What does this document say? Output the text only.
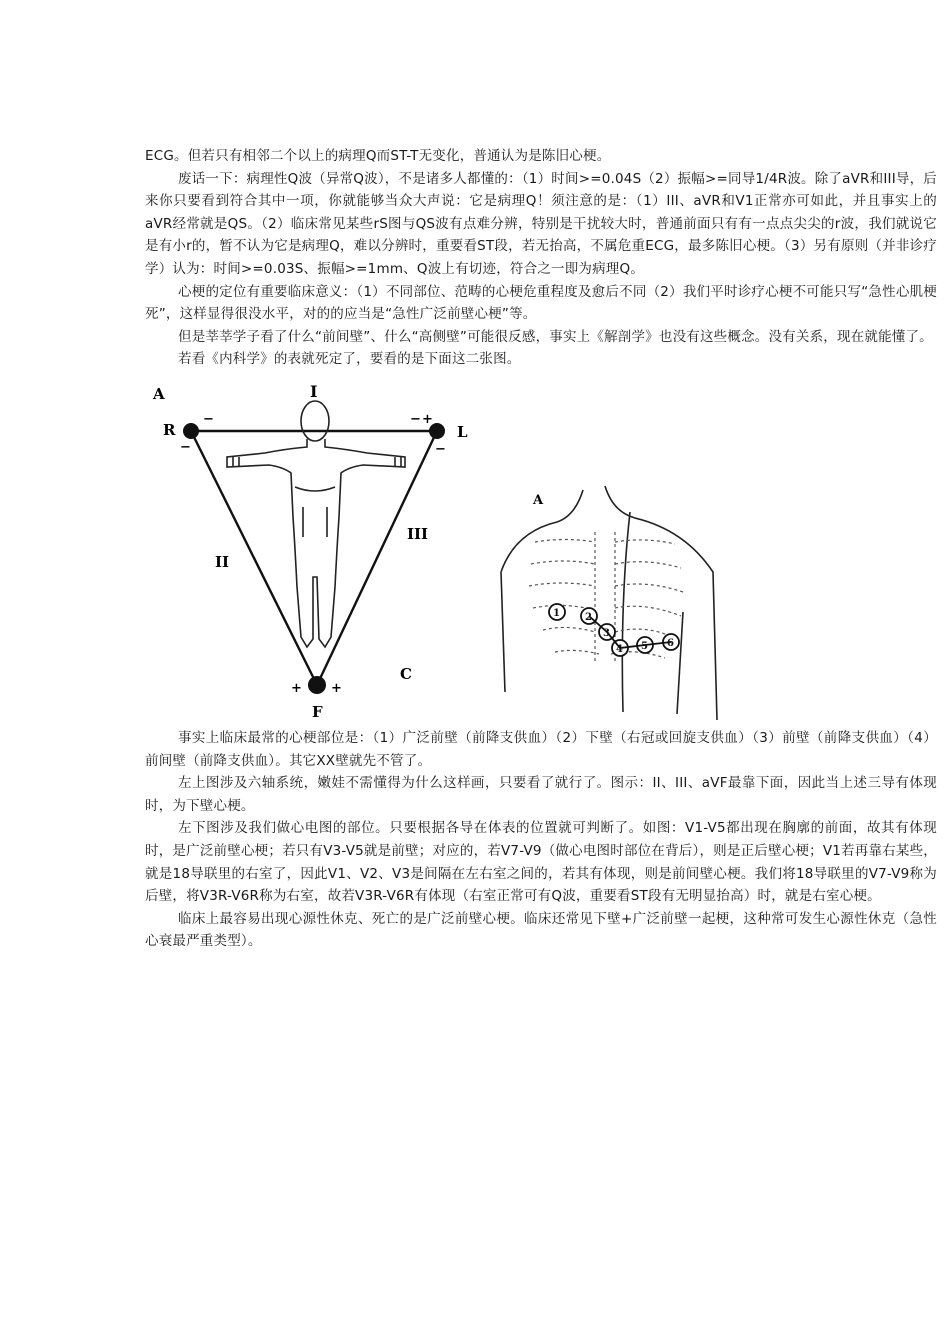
ECG。但若只有相邻二个以上的病理Q而ST-T无变化，普通认为是陈旧心梗。

废话一下：病理性Q波（异常Q波），不是诸多人都懂的：（1）时间>=0.04S（2）振幅>=同导1/4R波。除了aVR和III导，后来你只要看到符合其中一项，你就能够当众大声说：它是病理Q！须注意的是：（1）III、aVR和V1正常亦可如此，并且事实上的aVR经常就是QS。（2）临床常见某些rS图与QS波有点难分辨，特别是干扰较大时，普通前面只有有一点点尖尖的r波，我们就说它是有小r的，暂不认为它是病理Q，难以分辨时，重要看ST段，若无抬高，不属危重ECG，最多陈旧心梗。（3）另有原则（并非诊疗学）认为：时间>=0.03S、振幅>=1mm、Q波上有切迹，符合之一即为病理Q。

心梗的定位有重要临床意义：（1）不同部位、范畴的心梗危重程度及愈后不同（2）我们平时诊疗心梗不可能只写“急性心肌梗死”，这样显得很没水平，对的的应当是“急性广泛前壁心梗”等。

但是莘莘学子看了什么“前间壁”、什么“高侧壁”可能很反感，事实上《解剖学》也没有这些概念。没有关系，现在就能懂了。

若看《内科学》的表就死定了，要看的是下面这二张图。

A
R	L
I
II
III
C
F
−	− +
−	−
+ +
A
1	2
3
4 5 6

事实上临床最常的心梗部位是：（1）广泛前壁（前降支供血）（2）下壁（右冠或回旋支供血）（3）前壁（前降支供血）（4）前间壁（前降支供血）。其它XX壁就先不管了。

左上图涉及六轴系统，嫩娃不需懂得为什么这样画，只要看了就行了。图示：II、III、aVF最靠下面，因此当上述三导有体现时，为下壁心梗。

左下图涉及我们做心电图的部位。只要根据各导在体表的位置就可判断了。如图：V1-V5都出现在胸廓的前面，故其有体现时，是广泛前壁心梗；若只有V3-V5就是前壁；对应的，若V7-V9（做心电图时部位在背后），则是正后壁心梗；V1若再靠右某些，就是18导联里的右室了，因此V1、V2、V3是间隔在左右室之间的，若其有体现，则是前间壁心梗。我们将18导联里的V7-V9称为后壁，将V3R-V6R称为右室，故若V3R-V6R有体现（右室正常可有Q波，重要看ST段有无明显抬高）时，就是右室心梗。

临床上最容易出现心源性休克、死亡的是广泛前壁心梗。临床还常见下壁+广泛前壁一起梗，这种常可发生心源性休克（急性心衰最严重类型）。
